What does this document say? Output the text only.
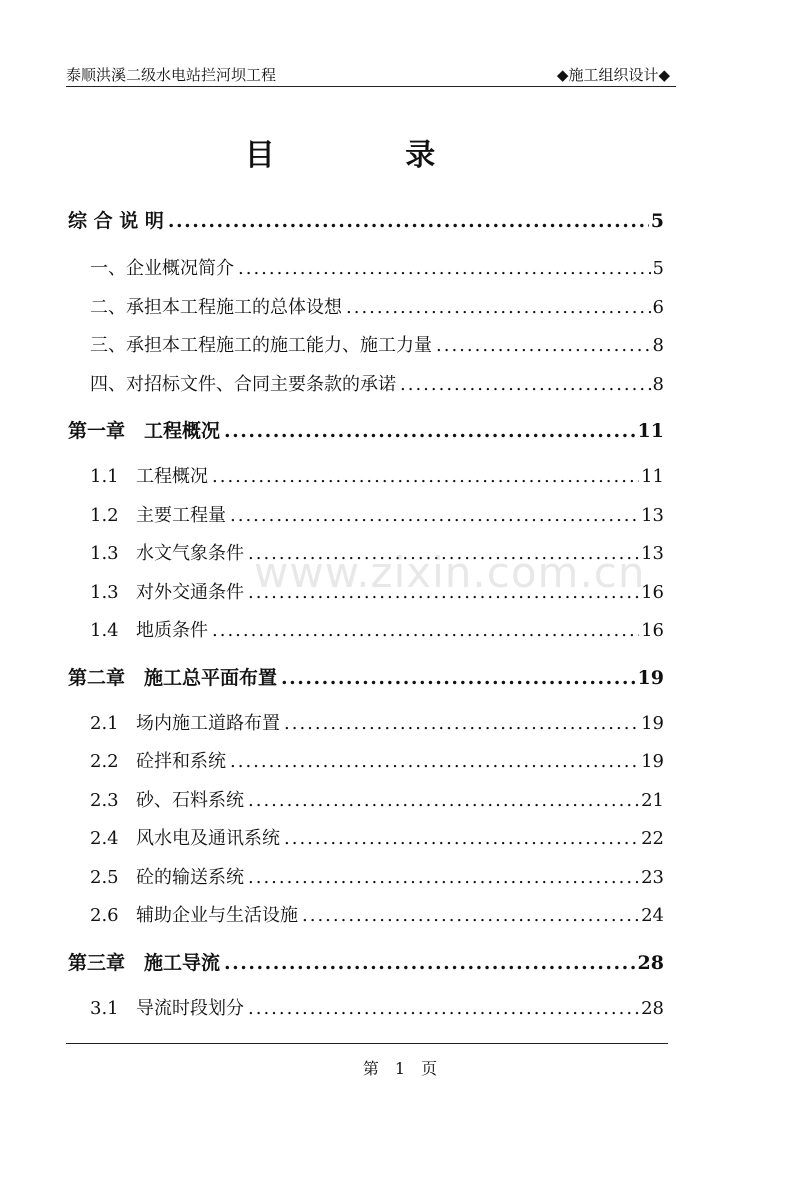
泰顺洪溪二级水电站拦河坝工程	◆施工组织设计◆
目 录
综 合 说 明 .....	5
一、企业概况简介 .....	5
二、承担本工程施工的总体设想 .....	6
三、承担本工程施工的施工能力、施工力量 .....	8
四、对招标文件、合同主要条款的承诺 .....	8
第一章　工程概况 .....	11
1.1 工程概况 .....	11
1.2 主要工程量 .....	13
1.3 水文气象条件 .....	13
1.3 对外交通条件 .....	16
1.4 地质条件 .....	16
第二章　施工总平面布置 .....	19
2.1 场内施工道路布置 .....	19
2.2 砼拌和系统 .....	19
2.3 砂、石料系统 .....	21
2.4 风水电及通讯系统 .....	22
2.5 砼的输送系统 .....	23
2.6 辅助企业与生活设施 .....	24
第三章　施工导流 .....	28
3.1 导流时段划分 .....	28
www.zixin.com.cn
第 1 页
